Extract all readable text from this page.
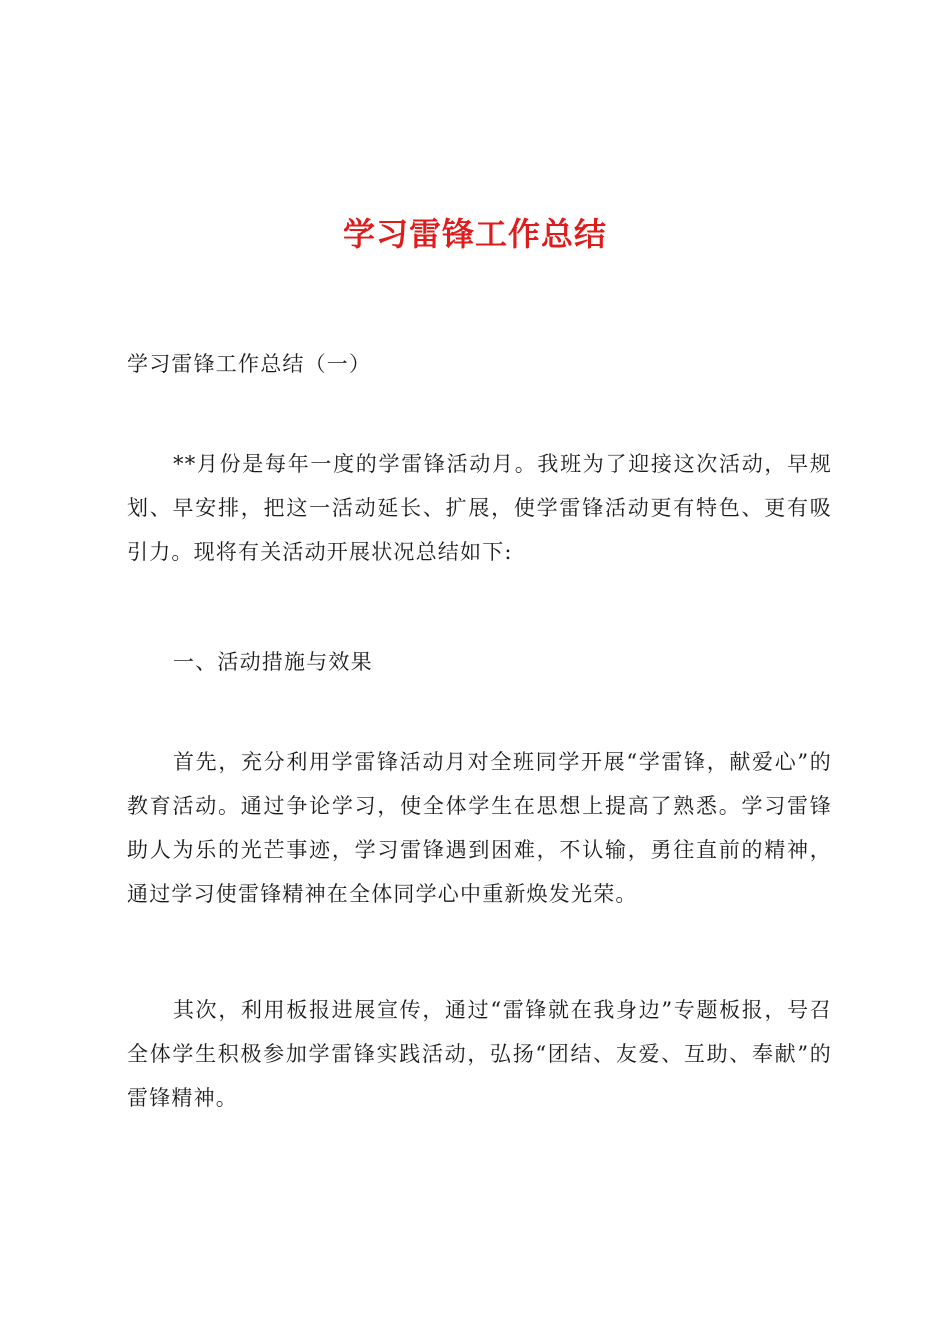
学习雷锋工作总结

学习雷锋工作总结（一）

**月份是每年一度的学雷锋活动月。我班为了迎接这次活动，早规划、早安排，把这一活动延长、扩展，使学雷锋活动更有特色、更有吸引力。现将有关活动开展状况总结如下:

一、活动措施与效果

首先，充分利用学雷锋活动月对全班同学开展“学雷锋，献爱心”的教育活动。通过争论学习，使全体学生在思想上提高了熟悉。学习雷锋助人为乐的光芒事迹，学习雷锋遇到困难，不认输，勇往直前的精神，通过学习使雷锋精神在全体同学心中重新焕发光荣。

其次，利用板报进展宣传，通过“雷锋就在我身边”专题板报，号召全体学生积极参加学雷锋实践活动，弘扬“团结、友爱、互助、奉献”的雷锋精神。
